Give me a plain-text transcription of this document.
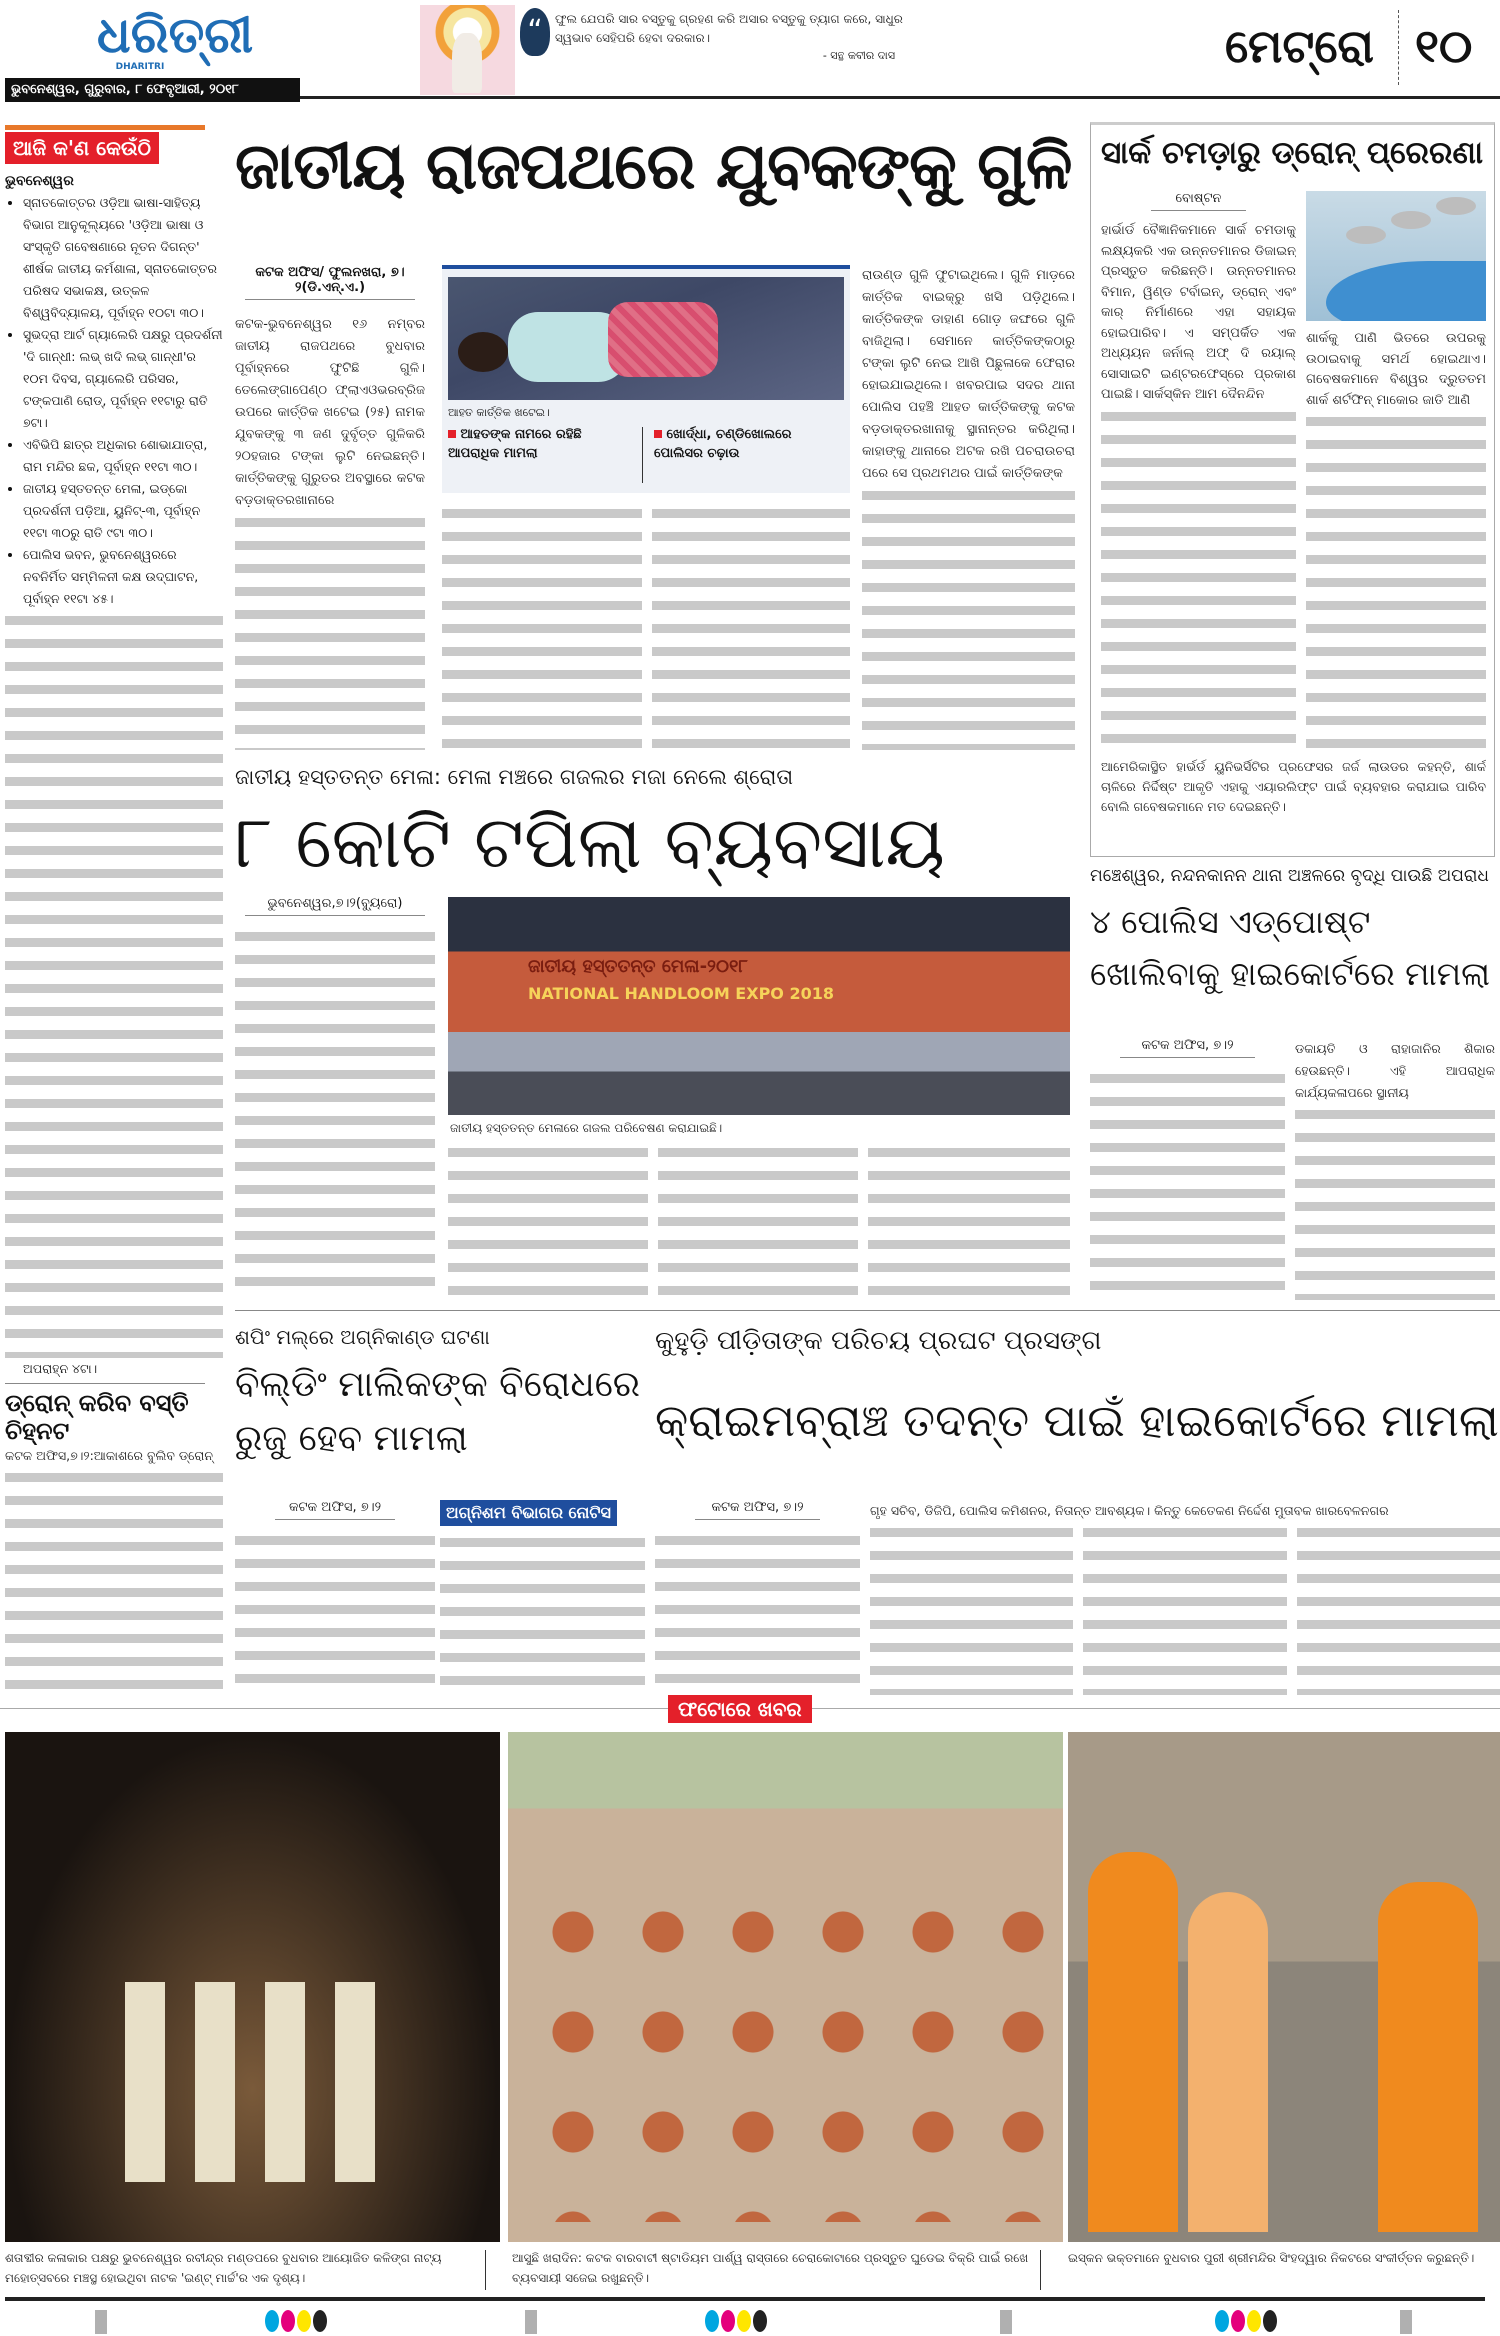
ଧରିତ୍ରୀ
DHARITRI
ଭୁବନେଶ୍ୱର, ଗୁରୁବାର, ୮ ଫେବୃଆରୀ, ୨୦୧୮
“	ଫୁଲ ଯେପରି ସାର ବସ୍ତୁକୁ ଗ୍ରହଣ କରି ଅସାର ବସ୍ତୁକୁ ତ୍ୟାଗ କରେ, ସାଧୁର ସ୍ୱଭାବ ସେହିପରି ହେବା ଦରକାର।
- ସନ୍ଥ କବୀର ଦାସ	ମେଟ୍ରୋ ୧୦
ଆଜି କ'ଣ କେଉଁଠି
ଭୁବନେଶ୍ୱର
• ସ୍ନାତକୋତ୍ତର ଓଡ଼ିଆ ଭାଷା-ସାହିତ୍ୟ ବିଭାଗ ଆନୁକୂଲ୍ୟରେ 'ଓଡ଼ିଆ ଭାଷା ଓ ସଂସ୍କୃତି ଗବେଷଣାରେ ନୂତନ ଦିଗନ୍ତ' ଶୀର୍ଷକ ଜାତୀୟ କର୍ମଶାଳା, ସ୍ନାତକୋତ୍ତର ପରିଷଦ ସଭାକକ୍ଷ, ଉତ୍କଳ ବିଶ୍ୱବିଦ୍ୟାଳୟ, ପୂର୍ବାହ୍ନ ୧୦ଟା ୩୦।
• ସୁଭଦ୍ରା ଆର୍ଟ ଗ୍ୟାଲେରି ପକ୍ଷରୁ ପ୍ରଦର୍ଶନୀ 'ଦି ଗାନ୍ଧୀ: ଲଭ୍ ଖଦି ଲଭ୍ ଗାନ୍ଧୀ'ର ୧୦ମ ଦିବସ, ଗ୍ୟାଲେରି ପରିସର, ଟଙ୍କପାଣି ରୋଡ୍, ପୂର୍ବାହ୍ନ ୧୧ଟାରୁ ରାତି ୭ଟା।
• ଏବିଭିପି ଛାତ୍ର ଅଧିକାର ଶୋଭାଯାତ୍ରା, ରାମ ମନ୍ଦିର ଛକ, ପୂର୍ବାହ୍ନ ୧୧ଟା ୩୦।
• ଜାତୀୟ ହସ୍ତତନ୍ତ ମେଳା, ଇଡ୍‌କୋ ପ୍ରଦର୍ଶନୀ ପଡ଼ିଆ, ୟୁନିଟ୍-୩, ପୂର୍ବାହ୍ନ ୧୧ଟା ୩୦ରୁ ରାତି ୯ଟା ୩୦।
• ପୋଲିସ ଭବନ, ଭୁବନେଶ୍ୱରରେ ନବନିର୍ମିତ ସମ୍ମିଳନୀ କକ୍ଷ ଉଦ୍‌ଘାଟନ, ପୂର୍ବାହ୍ନ ୧୧ଟା ୪୫।
ଅପରାହ୍ନ ୪ଟା।
ଡ୍ରୋନ୍ କରିବ ବସ୍ତି ଚିହ୍ନଟ
କଟକ ଅଫିସ,୭।୨:ଆକାଶରେ ବୁଲିବ ଡ୍ରୋନ୍
ଜାତୀୟ ରାଜପଥରେ ଯୁବକଙ୍କୁ ଗୁଳି
କଟକ ଅଫିସ/ ଫୁଲନଖରା, ୭।୨(ଡି.ଏନ୍.ଏ.)
କଟକ-ଭୁବନେଶ୍ୱର ୧୬ ନମ୍ବର ଜାତୀୟ ରାଜପଥରେ ବୁଧବାର ପୂର୍ବାହ୍ନରେ ଫୁଟିଛି ଗୁଳି। ତେଲେଙ୍ଗାପେଣ୍ଠ ଫ୍ଲାଏଓଭରବ୍ରିଜ ଉପରେ କାର୍ତ୍ତିକ ଖଟେଇ (୨୫) ନାମକ ଯୁବକଙ୍କୁ ୩ ଜଣ ଦୁର୍ବୃତ୍ତ ଗୁଳିକରି ୨୦ହଜାର ଟଙ୍କା ଲୁଟି ନେଇଛନ୍ତି। କାର୍ତ୍ତିକଙ୍କୁ ଗୁରୁତର ଅବସ୍ଥାରେ କଟକ ବଡ଼ଡାକ୍ତରଖାନାରେ
ଆହତ କାର୍ତ୍ତିକ ଖଟେଇ।
ଆହତଙ୍କ ନାମରେ ରହିଛି ଆପରାଧିକ ମାମଲା
ଖୋର୍ଦ୍ଧା, ଚଣ୍ଡିଖୋଲରେ ପୋଲିସର ଚଢ଼ାଉ
ରାଉଣ୍ଡ ଗୁଳି ଫୁଟାଇଥିଲେ। ଗୁଳି ମାଡ଼ରେ କାର୍ତ୍ତିକ ବାଇକ୍‌ରୁ ଖସି ପଡ଼ିଥିଲେ। କାର୍ତ୍ତିକଙ୍କ ଡାହାଣ ଗୋଡ଼ ଜଙ୍ଘରେ ଗୁଳି ବାଜିଥିଲା। ସେମାନେ କାର୍ତ୍ତିକଙ୍କଠାରୁ ଟଙ୍କା ଲୁଟି ନେଇ ଆଖି ପିଛୁଳାକେ ଫେରାର ହୋଇଯାଇଥିଲେ। ଖବରପାଇ ସଦର ଥାନା ପୋଲିସ ପହଞ୍ଚି ଆହତ କାର୍ତ୍ତିକଙ୍କୁ କଟକ ବଡ଼ଡାକ୍ତରଖାନାକୁ ସ୍ଥାନାନ୍ତର କରିଥିଲା। କାହାଙ୍କୁ ଥାନାରେ ଅଟକ ରଖି ପଚରାଉଚରା ପରେ ସେ ପ୍ରଥମଥର ପାଇଁ କାର୍ତ୍ତିକଙ୍କ
ସାର୍କ ଚମଡ଼ାରୁ ଡ୍ରୋନ୍ ପ୍ରେରଣା
ବୋଷ୍ଟନ
ହାର୍ଭାର୍ଡ ବୈଜ୍ଞାନିକମାନେ ସାର୍କ ଚମଡାକୁ ଲକ୍ଷ୍ୟକରି ଏକ ଉନ୍ନତମାନର ଡିଜାଇନ୍ ପ୍ରସ୍ତୁତ କରିଛନ୍ତି। ଉନ୍ନତମାନର ବିମାନ, ୱିଣ୍ଡ ଟର୍ବାଇନ୍, ଡ୍ରୋନ୍ ଏବଂ କାର୍ ନିର୍ମାଣରେ ଏହା ସହାୟକ ହୋଇପାରିବ। ଏ ସମ୍ପର୍କିତ ଏକ ଅଧ୍ୟୟନ ଜର୍ନାଲ୍ ଅଫ୍ ଦି ରୟାଲ୍ ସୋସାଇଟି ଇଣ୍ଟରଫେସ୍‌ରେ ପ୍ରକାଶ ପାଇଛି। ସାର୍କସ୍କିନ ଆମ ଦୈନନ୍ଦିନ
ଶାର୍କକୁ ପାଣି ଭିତରେ ଉପରକୁ ଉଠାଇବାକୁ ସମର୍ଥ ହୋଇଥାଏ। ଗବେଷକମାନେ ବିଶ୍ୱର ଦ୍ରୁତତମ ଶାର୍କ ଶର୍ଟଫିନ୍ ମାକୋର ଜାତି ଆଣି
ଆମେରିକାସ୍ଥିତ ହାର୍ଭର୍ଡ ୟୁନିଭର୍ସିଟିର ପ୍ରଫେସର ଜର୍ଜ ଲାଉଡର କହନ୍ତି, ଶାର୍କ ଚାଳିରେ ନିର୍ଦ୍ଦିଷ୍ଟ ଆକୃତି ଏହାକୁ ଏୟାରଲିଫ୍ଟ ପାଇଁ ବ୍ୟବହାର କରାଯାଇ ପାରିବ ବୋଲି ଗବେଷକମାନେ ମତ ଦେଇଛନ୍ତି।
ଜାତୀୟ ହସ୍ତତନ୍ତ ମେଳା: ମେଳା ମଞ୍ଚରେ ଗଜଲର ମଜା ନେଲେ ଶ୍ରୋତା
୮ କୋଟି ଟପିଲା ବ୍ୟବସାୟ
ଭୁବନେଶ୍ୱର,୭।୨(ବ୍ୟୁରୋ)
ଜାତୀୟ ହସ୍ତତନ୍ତ ମେଳା-୨୦୧୮
NATIONAL HANDLOOM EXPO 2018
ଜାତୀୟ ହସ୍ତତନ୍ତ ମେଳାରେ ଗଜଲ ପରିବେଷଣ କରାଯାଇଛି।
ମଞ୍ଚେଶ୍ୱର, ନନ୍ଦନକାନନ ଥାନା ଅଞ୍ଚଳରେ ବୃଦ୍ଧି ପାଉଛି ଅପରାଧ
୪ ପୋଲିସ ଏଡ୍‌ପୋଷ୍ଟ ଖୋଲିବାକୁ ହାଇକୋର୍ଟରେ ମାମଲା
କଟକ ଅଫିସ, ୭।୨	ଡକାୟତି ଓ ରାହାଜାନିର ଶିକାର ହେଉଛନ୍ତି। ଏହି ଆପରାଧିକ କାର୍ଯ୍ୟକଳାପରେ ସ୍ଥାନୀୟ
ଶପିଂ ମଲ୍‌ରେ ଅଗ୍ନିକାଣ୍ଡ ଘଟଣା
ବିଲ୍ଡିଂ ମାଲିକଙ୍କ ବିରୋଧରେ ରୁଜୁ ହେବ ମାମଲା
କଟକ ଅଫିସ, ୭।୨	ଅଗ୍ନିଶମ ବିଭାଗର ନୋଟିସ
କୁହୁଡ଼ି ପୀଡ଼ିତାଙ୍କ ପରିଚୟ ପ୍ରଘଟ ପ୍ରସଙ୍ଗ
କ୍ରାଇମବ୍ରାଞ୍ଚ ତଦନ୍ତ ପାଇଁ ହାଇକୋର୍ଟରେ ମାମଲା
କଟକ ଅଫିସ, ୭।୨	ଗୃହ ସଚିବ, ଡିଜିପି, ପୋଲିସ କମିଶନର, ନିତାନ୍ତ ଆବଶ୍ୟକ। କିନ୍ତୁ କେତେକଣ ନିର୍ଦ୍ଦେଶ ମୁତାବକ ଖାରବେଳନଗର
ଫଟୋରେ ଖବର
ଶତାବ୍ଦୀର କଳାକାର ପକ୍ଷରୁ ଭୁବନେଶ୍ୱର ରବୀନ୍ଦ୍ର ମଣ୍ଡପରେ ବୁଧବାର ଆୟୋଜିତ କଳିଙ୍ଗ ନାଟ୍ୟ ମହୋତ୍ସବରେ ମଞ୍ଚସ୍ଥ ହୋଇଥିବା ନାଟକ 'ଇଣ୍ଟ୍ ମାର୍ଚ୍ଚ'ର ଏକ ଦୃଶ୍ୟ।
ଆସୁଛି ଖରାଦିନ: କଟକ ବାରବାଟୀ ଷ୍ଟାଡିୟମ ପାର୍ଶ୍ୱ ରାସ୍ତାରେ ଚେରାକୋଟାରେ ପ୍ରସ୍ତୁତ ଘୁଡେଇ ବିକ୍ରି ପାଇଁ ରଖେ ବ୍ୟବସାୟୀ ସଜେଇ ରଖୁଛନ୍ତି।
ଇସ୍କନ ଭକ୍ତମାନେ ବୁଧବାର ପୁରୀ ଶ୍ରୀମନ୍ଦିର ସିଂହଦ୍ୱାର ନିକଟରେ ସଂକୀର୍ତ୍ତନ କରୁଛନ୍ତି।
